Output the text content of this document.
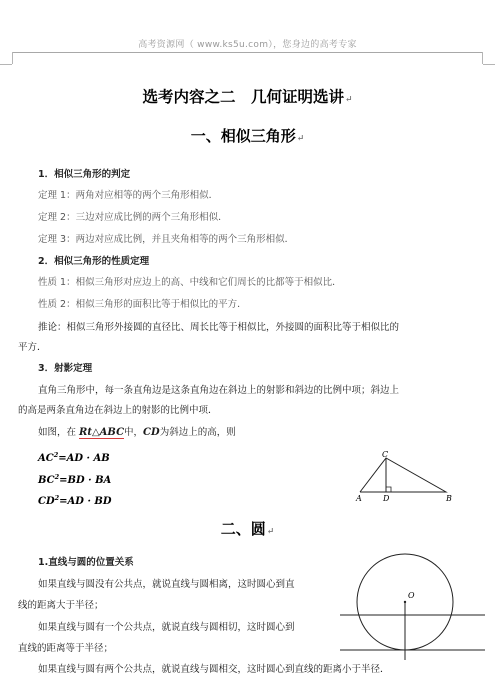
高考资源网（ www.ks5u.com），您身边的高考专家
选考内容之二　几何证明选讲↵
一、相似三角形↵
1．相似三角形的判定
定理 1：两角对应相等的两个三角形相似．
定理 2：三边对应成比例的两个三角形相似．
定理 3：两边对应成比例，并且夹角相等的两个三角形相似．
2．相似三角形的性质定理
性质 1：相似三角形对应边上的高、中线和它们周长的比都等于相似比．
性质 2：相似三角形的面积比等于相似比的平方．
推论：相似三角形外接圆的直径比、周长比等于相似比，外接圆的面积比等于相似比的
平方．
3．射影定理
直角三角形中，每一条直角边是这条直角边在斜边上的射影和斜边的比例中项；斜边上
的高是两条直角边在斜边上的射影的比例中项．
如图，在 Rt△ABC中，CD为斜边上的高，则
$AC^2=AD$ · AB
$BC^2=BD$ · BA
$CD^2=AD$ · BD	A	D
C
B
二、圆↵
1.直线与圆的位置关系
如果直线与圆没有公共点，就说直线与圆相离，这时圆心到直
线的距离大于半径；
如果直线与圆有一个公共点，就说直线与圆相切，这时圆心到
直线的距离等于半径；
如果直线与圆有两个公共点，就说直线与圆相交，这时圆心到直线的距离小于半径．
O
